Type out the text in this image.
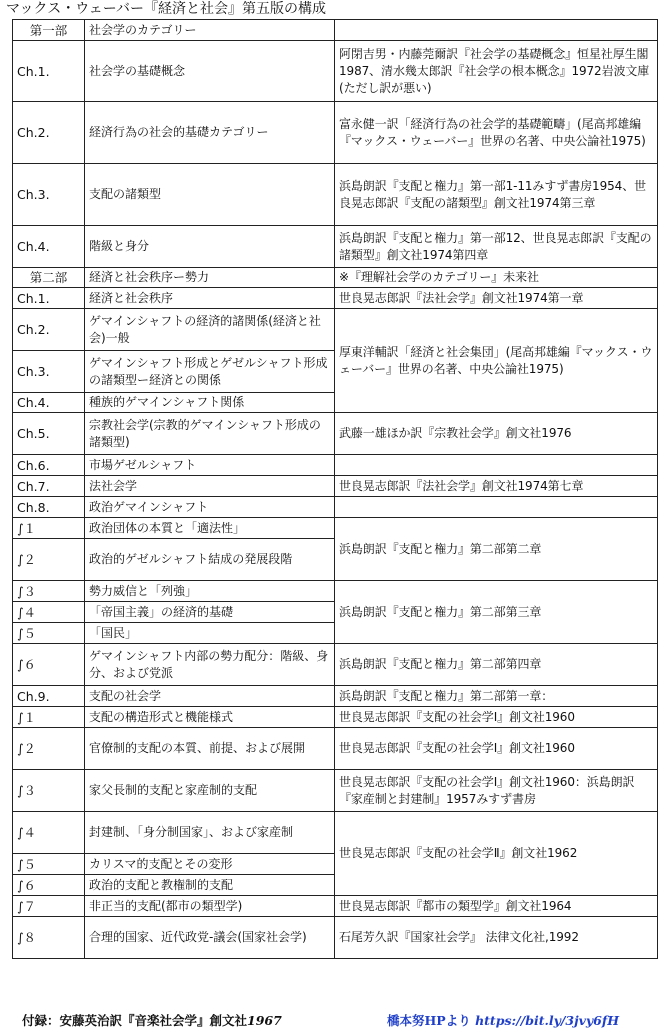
マックス・ウェーバー『経済と社会』第五版の構成
第一部	社会学のカテゴリー	
Ch.1.	社会学の基礎概念	阿閉吉男・内藤莞爾訳『社会学の基礎概念』恒星社厚生閣1987、清水幾太郎訳『社会学の根本概念』1972岩波文庫(ただし訳が悪い)
Ch.2.	経済行為の社会的基礎カテゴリー	富永健一訳「経済行為の社会学的基礎範疇」(尾高邦雄編『マックス・ウェーバー』世界の名著、中央公論社1975)
Ch.3.	支配の諸類型	浜島朗訳『支配と権力』第一部1-11みすず書房1954、世良晃志郎訳『支配の諸類型』創文社1974第三章
Ch.4.	階級と身分	浜島朗訳『支配と権力』第一部12、世良晃志郎訳『支配の諸類型』創文社1974第四章
第二部	経済と社会秩序ー勢力	※『理解社会学のカテゴリー』未来社
Ch.1.	経済と社会秩序	世良晃志郎訳『法社会学』創文社1974第一章
Ch.2.	ゲマインシャフトの経済的諸関係(経済と社会)一般	厚東洋輔訳「経済と社会集団」(尾高邦雄編『マックス・ウェーバー』世界の名著、中央公論社1975)
Ch.3.	ゲマインシャフト形成とゲゼルシャフト形成の諸類型ー経済との関係	
Ch.4.	種族的ゲマインシャフト関係	
Ch.5.	宗教社会学(宗教的ゲマインシャフト形成の諸類型)	武藤一雄ほか訳『宗教社会学』創文社1976
Ch.6.	市場ゲゼルシャフト	
Ch.7.	法社会学	世良晃志郎訳『法社会学』創文社1974第七章
Ch.8.	政治ゲマインシャフト	
∫１	政治団体の本質と「適法性」	浜島朗訳『支配と権力』第二部第二章
∫２	政治的ゲゼルシャフト結成の発展段階	
∫３	勢力威信と「列強」	浜島朗訳『支配と権力』第二部第三章
∫４	「帝国主義」の経済的基礎	
∫５	「国民」	
∫６	ゲマインシャフト内部の勢力配分：階級、身分、および党派	浜島朗訳『支配と権力』第二部第四章
Ch.9.	支配の社会学	浜島朗訳『支配と権力』第二部第一章：
∫１	支配の構造形式と機能様式	世良晃志郎訳『支配の社会学Ⅰ』創文社1960
∫２	官僚制的支配の本質、前提、および展開	世良晃志郎訳『支配の社会学Ⅰ』創文社1960
∫３	家父長制的支配と家産制的支配	世良晃志郎訳『支配の社会学Ⅰ』創文社1960：浜島朗訳『家産制と封建制』1957みすず書房
∫４	封建制、「身分制国家」、および家産制	世良晃志郎訳『支配の社会学Ⅱ』創文社1962
∫５	カリスマ的支配とその変形	
∫６	政治的支配と教権制的支配	
∫７	非正当的支配(都市の類型学)	世良晃志郎訳『都市の類型学』創文社1964
∫８	合理的国家、近代政党-議会(国家社会学)	石尾芳久訳『国家社会学』 法律文化社,1992
付録：安藤英治訳『音楽社会学』創文社1967	橋本努HPより https://bit.ly/3jvy6fH
